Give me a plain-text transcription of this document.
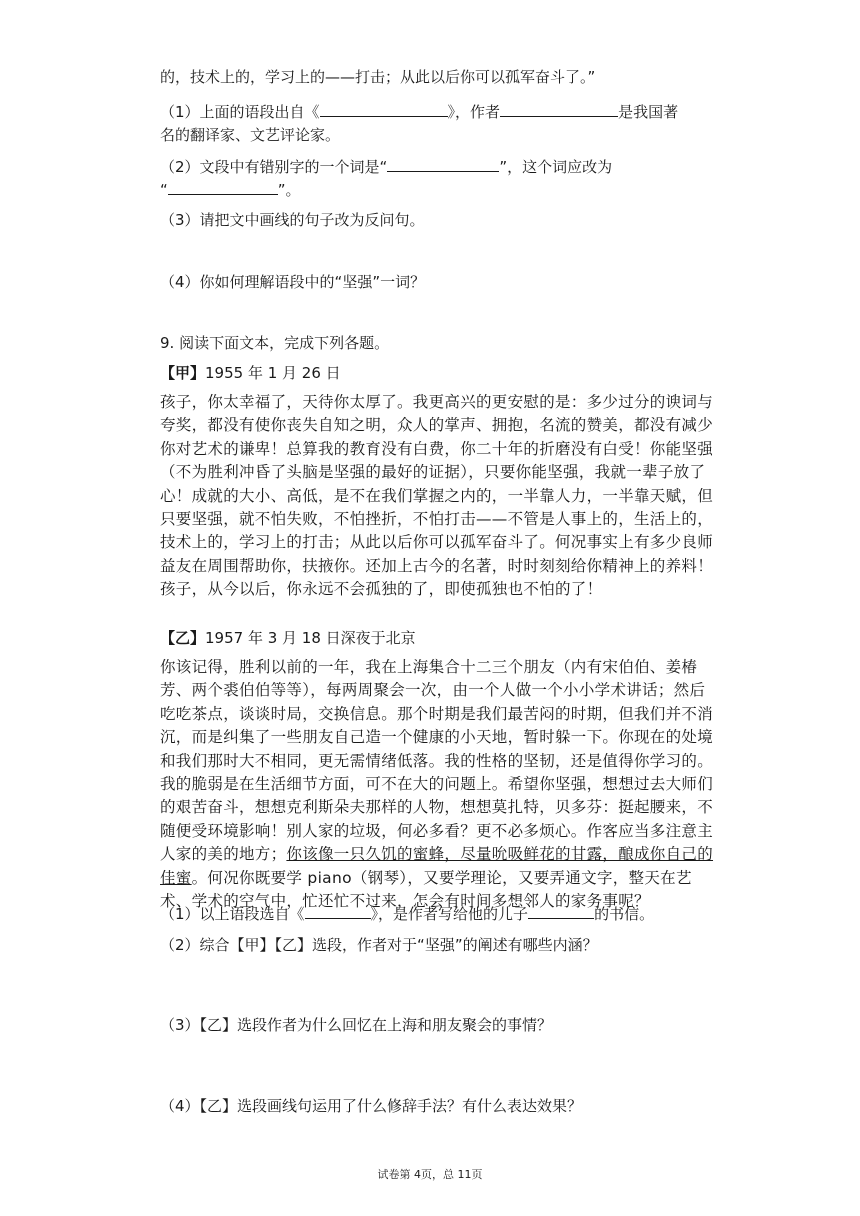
的，技术上的，学习上的——打击；从此以后你可以孤军奋斗了。”
（1）上面的语段出自《	》，作者	是我国著
名的翻译家、文艺评论家。
（2）文段中有错别字的一个词是“	”，这个词应改为
“	”。
（3）请把文中画线的句子改为反问句。
（4）你如何理解语段中的“坚强”一词？
9. 阅读下面文本，完成下列各题。
【甲】1955 年 1 月 26 日
孩子，你太幸福了，天待你太厚了。我更高兴的更安慰的是：多少过分的谀词与夸奖，都没有使你丧失自知之明，众人的掌声、拥抱，名流的赞美，都没有减少你对艺术的谦卑！总算我的教育没有白费，你二十年的折磨没有白受！你能坚强（不为胜利冲昏了头脑是坚强的最好的证据），只要你能坚强，我就一辈子放了心！成就的大小、高低，是不在我们掌握之内的，一半靠人力，一半靠天赋，但只要坚强，就不怕失败，不怕挫折，不怕打击——不管是人事上的，生活上的，技术上的，学习上的打击；从此以后你可以孤军奋斗了。何况事实上有多少良师益友在周围帮助你，扶掖你。还加上古今的名著，时时刻刻给你精神上的养料！孩子，从今以后，你永远不会孤独的了，即使孤独也不怕的了！
【乙】1957 年 3 月 18 日深夜于北京
你该记得，胜利以前的一年，我在上海集合十二三个朋友（内有宋伯伯、姜椿芳、两个裘伯伯等等），每两周聚会一次，由一个人做一个小小学术讲话；然后吃吃茶点，谈谈时局，交换信息。那个时期是我们最苦闷的时期，但我们并不消沉，而是纠集了一些朋友自己造一个健康的小天地，暂时躲一下。你现在的处境和我们那时大不相同，更无需情绪低落。我的性格的坚韧，还是值得你学习的。我的脆弱是在生活细节方面，可不在大的问题上。希望你坚强，想想过去大师们的艰苦奋斗，想想克利斯朵夫那样的人物，想想莫扎特，贝多芬：挺起腰来，不随便受环境影响！别人家的垃圾，何必多看？更不必多烦心。作客应当多注意主人家的美的地方；你该像一只久饥的蜜蜂，尽量吮吸鲜花的甘露，酿成你自己的佳蜜。何况你既要学 piano（钢琴），又要学理论，又要弄通文字，整天在艺术、学术的空气中，忙还忙不过来，怎会有时间多想邻人的家务事呢？
（1）以上语段选自《	》，是作者写给他的儿子	的书信。
（2）综合【甲】【乙】选段，作者对于“坚强”的阐述有哪些内涵？
（3）【乙】选段作者为什么回忆在上海和朋友聚会的事情？
（4）【乙】选段画线句运用了什么修辞手法？有什么表达效果？
试卷第 4页，总 11页
